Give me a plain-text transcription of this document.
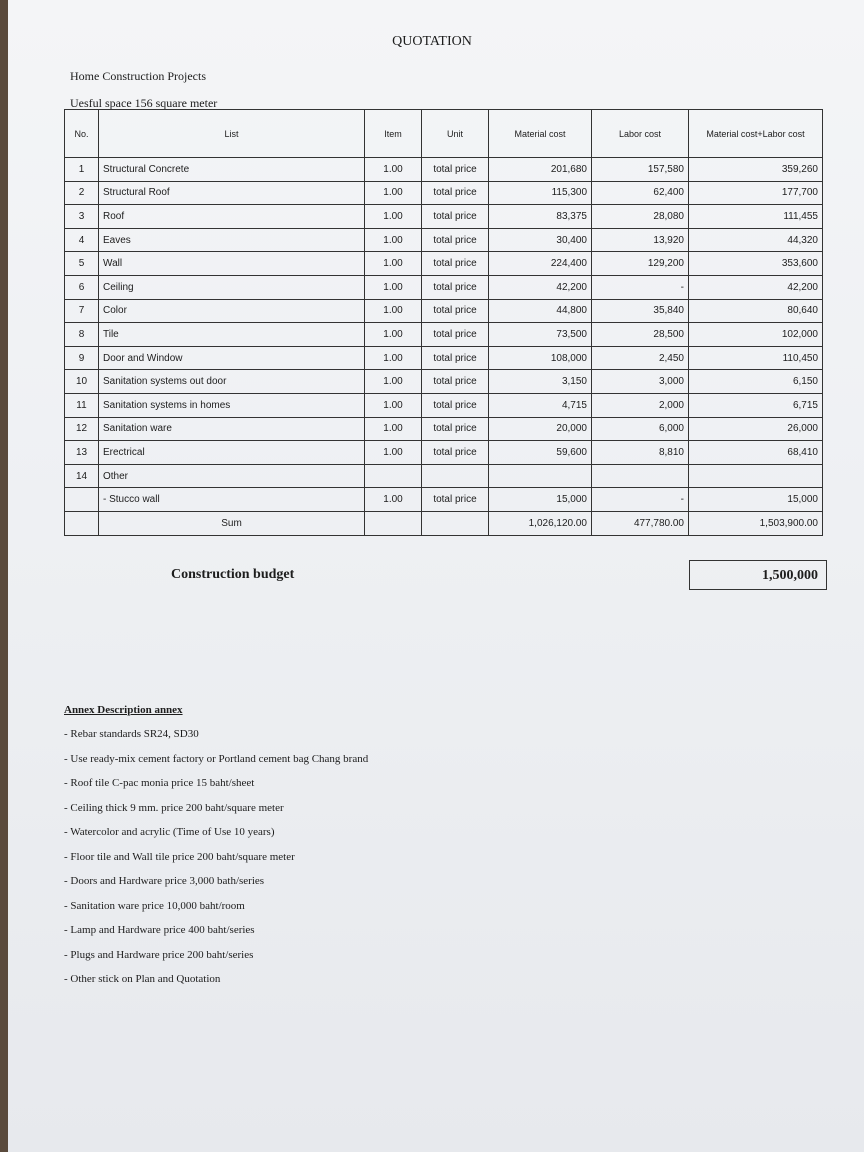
QUOTATION
Home Construction Projects
Uesful space 156 square meter
No.	List	Item	Unit	Material cost	Labor cost	Material cost+Labor cost
1	Structural Concrete	1.00	total price	201,680	157,580	359,260
2	Structural Roof	1.00	total price	115,300	62,400	177,700
3	Roof	1.00	total price	83,375	28,080	111,455
4	Eaves	1.00	total price	30,400	13,920	44,320
5	Wall	1.00	total price	224,400	129,200	353,600
6	Ceiling	1.00	total price	42,200	-	42,200
7	Color	1.00	total price	44,800	35,840	80,640
8	Tile	1.00	total price	73,500	28,500	102,000
9	Door and Window	1.00	total price	108,000	2,450	110,450
10	Sanitation systems out door	1.00	total price	3,150	3,000	6,150
11	Sanitation systems in homes	1.00	total price	4,715	2,000	6,715
12	Sanitation ware	1.00	total price	20,000	6,000	26,000
13	Erectrical	1.00	total price	59,600	8,810	68,410
14	Other					
	- Stucco wall	1.00	total price	15,000	-	15,000
	Sum			1,026,120.00	477,780.00	1,503,900.00
Construction budget	1,500,000
Annex Description annex
- Rebar standards SR24, SD30
- Use ready-mix cement factory or Portland cement bag Chang brand
- Roof tile C-pac monia price 15 baht/sheet
- Ceiling thick 9 mm. price 200 baht/square meter
- Watercolor and acrylic (Time of Use 10 years)
- Floor tile and Wall tile price 200 baht/square meter
- Doors and Hardware price 3,000 bath/series
- Sanitation ware price 10,000 baht/room
- Lamp and Hardware price 400 baht/series
- Plugs and Hardware price 200 baht/series
- Other stick on Plan and Quotation
